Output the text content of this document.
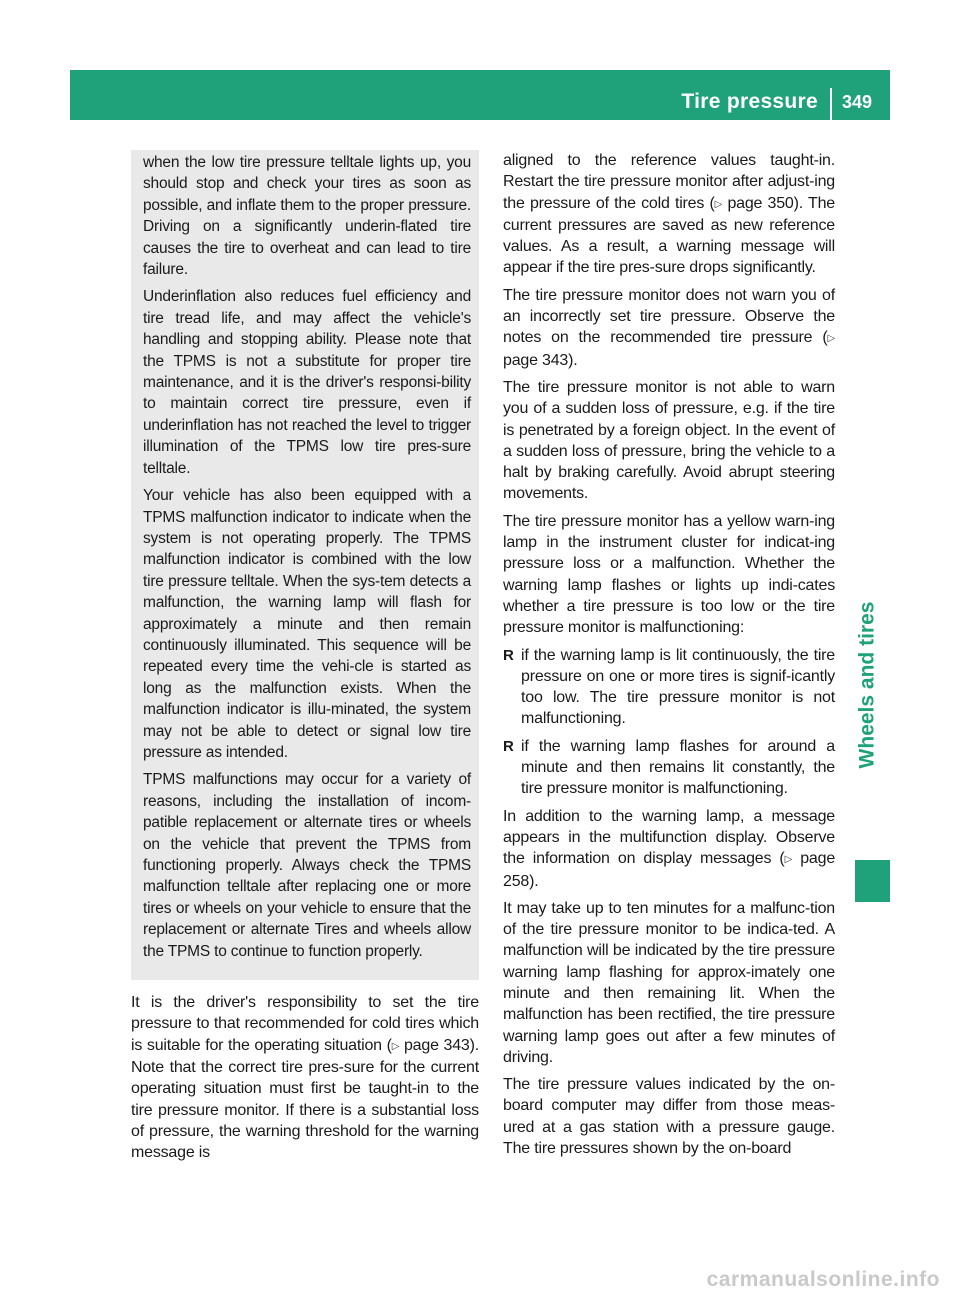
Tire pressure 349
Wheels and tires

when the low tire pressure telltale lights up, you should stop and check your tires as soon as possible, and inflate them to the proper pressure. Driving on a significantly underin-flated tire causes the tire to overheat and can lead to tire failure.

Underinflation also reduces fuel efficiency and tire tread life, and may affect the vehicle's handling and stopping ability. Please note that the TPMS is not a substitute for proper tire maintenance, and it is the driver's responsi-bility to maintain correct tire pressure, even if underinflation has not reached the level to trigger illumination of the TPMS low tire pres-sure telltale.

Your vehicle has also been equipped with a TPMS malfunction indicator to indicate when the system is not operating properly. The TPMS malfunction indicator is combined with the low tire pressure telltale. When the sys-tem detects a malfunction, the warning lamp will flash for approximately a minute and then remain continuously illuminated. This sequence will be repeated every time the vehi-cle is started as long as the malfunction exists. When the malfunction indicator is illu-minated, the system may not be able to detect or signal low tire pressure as intended.

TPMS malfunctions may occur for a variety of reasons, including the installation of incom-patible replacement or alternate tires or wheels on the vehicle that prevent the TPMS from functioning properly. Always check the TPMS malfunction telltale after replacing one or more tires or wheels on your vehicle to ensure that the replacement or alternate Tires and wheels allow the TPMS to continue to function properly.

It is the driver's responsibility to set the tire pressure to that recommended for cold tires which is suitable for the operating situation (▷ page 343). Note that the correct tire pres-sure for the current operating situation must first be taught-in to the tire pressure monitor. If there is a substantial loss of pressure, the warning threshold for the warning message is

aligned to the reference values taught-in. Restart the tire pressure monitor after adjust-ing the pressure of the cold tires (▷ page 350). The current pressures are saved as new reference values. As a result, a warning message will appear if the tire pres-sure drops significantly.

The tire pressure monitor does not warn you of an incorrectly set tire pressure. Observe the notes on the recommended tire pressure (▷ page 343).

The tire pressure monitor is not able to warn you of a sudden loss of pressure, e.g. if the tire is penetrated by a foreign object. In the event of a sudden loss of pressure, bring the vehicle to a halt by braking carefully. Avoid abrupt steering movements.

The tire pressure monitor has a yellow warn-ing lamp in the instrument cluster for indicat-ing pressure loss or a malfunction. Whether the warning lamp flashes or lights up indi-cates whether a tire pressure is too low or the tire pressure monitor is malfunctioning:

R if the warning lamp is lit continuously, the tire pressure on one or more tires is signif-icantly too low. The tire pressure monitor is not malfunctioning.
R if the warning lamp flashes for around a minute and then remains lit constantly, the tire pressure monitor is malfunctioning.

In addition to the warning lamp, a message appears in the multifunction display. Observe the information on display messages (▷ page 258).

It may take up to ten minutes for a malfunc-tion of the tire pressure monitor to be indica-ted. A malfunction will be indicated by the tire pressure warning lamp flashing for approx-imately one minute and then remaining lit. When the malfunction has been rectified, the tire pressure warning lamp goes out after a few minutes of driving.

The tire pressure values indicated by the on-board computer may differ from those meas-ured at a gas station with a pressure gauge. The tire pressures shown by the on-board

carmanualsonline.info
